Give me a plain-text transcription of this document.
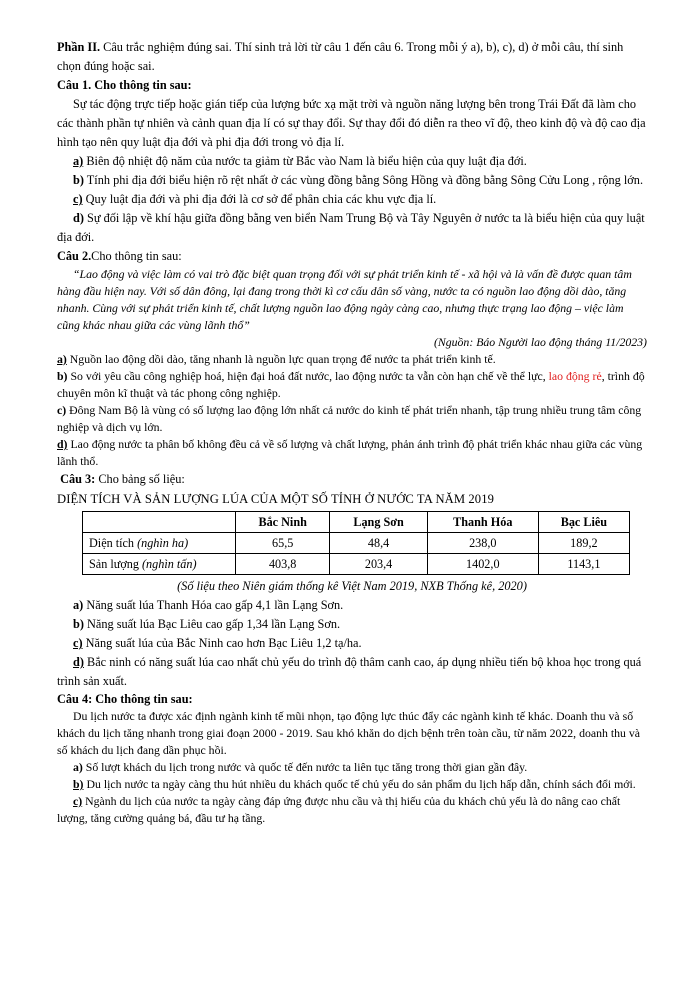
Phần II. Câu trắc nghiệm đúng sai. Thí sinh trả lời từ câu 1 đến câu 6. Trong mỗi ý a), b), c), d) ở mỗi câu, thí sinh chọn đúng hoặc sai.

Câu 1. Cho thông tin sau:

Sự tác động trực tiếp hoặc gián tiếp của lượng bức xạ mặt trời và nguồn năng lượng bên trong Trái Đất đã làm cho các thành phần tự nhiên và cảnh quan địa lí có sự thay đổi. Sự thay đổi đó diễn ra theo vĩ độ, theo kinh độ và độ cao địa hình tạo nên quy luật địa đới và phi địa đới trong vỏ địa lí.

a) Biên độ nhiệt độ năm của nước ta giảm từ Bắc vào Nam là biểu hiện của quy luật địa đới.

b) Tính phi địa đới biểu hiện rõ rệt nhất ở các vùng đồng bằng Sông Hồng và đồng bằng Sông Cửu Long , rộng lớn.

c) Quy luật địa đới và phi địa đới là cơ sở để phân chia các khu vực địa lí.

d) Sự đối lập về khí hậu giữa đồng bằng ven biển Nam Trung Bộ và Tây Nguyên ở nước ta là biểu hiện của quy luật địa đới.

Câu 2.Cho thông tin sau:

“Lao động và việc làm có vai trò đặc biệt quan trọng đối với sự phát triển kinh tế - xã hội và là vấn đề được quan tâm hàng đầu hiện nay. Với số dân đông, lại đang trong thời kì cơ cấu dân số vàng, nước ta có nguồn lao động dồi dào, tăng nhanh. Cùng với sự phát triển kinh tế, chất lượng nguồn lao động ngày càng cao, nhưng thực trạng lao động – việc làm cũng khác nhau giữa các vùng lãnh thổ”

(Nguồn: Báo Người lao động tháng 11/2023)

a) Nguồn lao động dồi dào, tăng nhanh là nguồn lực quan trọng để nước ta phát triển kinh tế.

b) So với yêu cầu công nghiệp hoá, hiện đại hoá đất nước, lao động nước ta vẫn còn hạn chế về thể lực, lao động rẻ, trình độ chuyên môn kĩ thuật và tác phong công nghiệp.

c) Đông Nam Bộ là vùng có số lượng lao động lớn nhất cả nước do kinh tế phát triển nhanh, tập trung nhiều trung tâm công nghiệp và dịch vụ lớn.

d) Lao động nước ta phân bố không đều cả về số lượng và chất lượng, phản ánh trình độ phát triển khác nhau giữa các vùng lãnh thổ.

Câu 3: Cho bảng số liệu:

DIỆN TÍCH VÀ SẢN LƯỢNG LÚA CỦA MỘT SỐ TỈNH Ở NƯỚC TA NĂM 2019

	Bắc Ninh	Lạng Sơn	Thanh Hóa	Bạc Liêu
Diện tích (nghìn ha)	65,5	48,4	238,0	189,2
Sản lượng (nghìn tấn)	403,8	203,4	1402,0	1143,1

(Số liệu theo Niên giám thống kê Việt Nam 2019, NXB Thống kê, 2020)

a) Năng suất lúa Thanh Hóa cao gấp 4,1 lần Lạng Sơn.

b) Năng suất lúa Bạc Liêu cao gấp 1,34 lần Lạng Sơn.

c) Năng suất lúa của Bắc Ninh cao hơn Bạc Liêu 1,2 tạ/ha.

d) Bắc ninh có năng suất lúa cao nhất chủ yếu do trình độ thâm canh cao, áp dụng nhiều tiến bộ khoa học trong quá trình sản xuất.

Câu 4: Cho thông tin sau:

Du lịch nước ta được xác định ngành kinh tế mũi nhọn, tạo động lực thúc đẩy các ngành kinh tế khác. Doanh thu và số khách du lịch tăng nhanh trong giai đoạn 2000 - 2019. Sau khó khăn do dịch bệnh trên toàn cầu, từ năm 2022, doanh thu và số khách du lịch đang dần phục hồi.

a) Số lượt khách du lịch trong nước và quốc tế đến nước ta liên tục tăng trong thời gian gần đây.

b) Du lịch nước ta ngày càng thu hút nhiều du khách quốc tế chủ yếu do sản phẩm du lịch hấp dẫn, chính sách đổi mới.

c) Ngành du lịch của nước ta ngày càng đáp ứng được nhu cầu và thị hiếu của du khách chủ yếu là do nâng cao chất lượng, tăng cường quảng bá, đầu tư hạ tầng.
